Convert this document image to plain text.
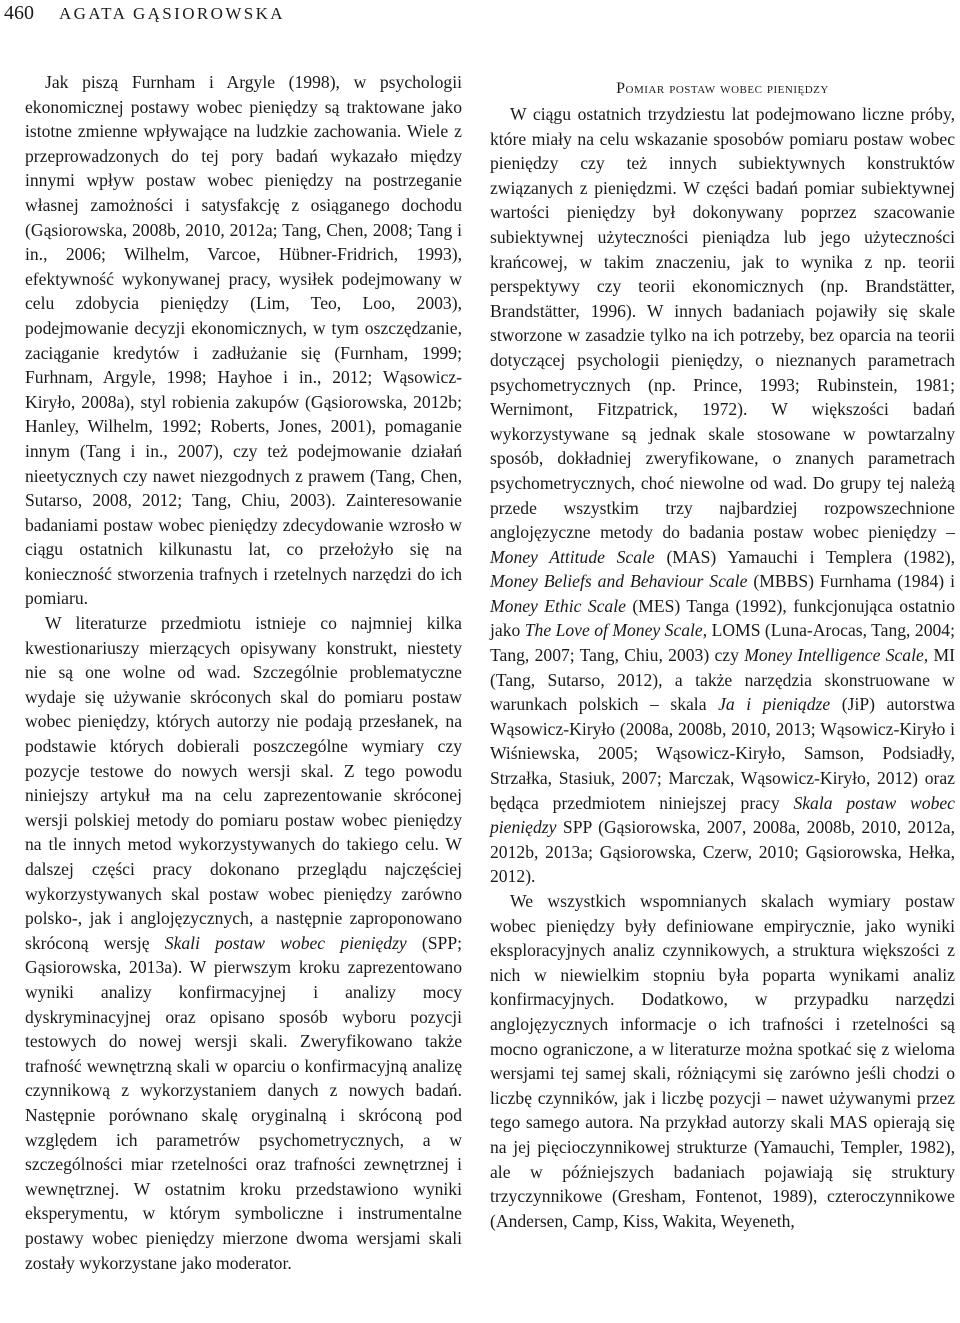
460 AGATA GĄSIOROWSKA

Jak piszą Furnham i Argyle (1998), w psychologii ekonomicznej postawy wobec pieniędzy są traktowane jako istotne zmienne wpływające na ludzkie zachowania. Wiele z przeprowadzonych do tej pory badań wykazało między innymi wpływ postaw wobec pieniędzy na postrzeganie własnej zamożności i satysfakcję z osiąganego dochodu (Gąsiorowska, 2008b, 2010, 2012a; Tang, Chen, 2008; Tang i in., 2006; Wilhelm, Varcoe, Hübner-Fridrich, 1993), efektywność wykonywanej pracy, wysiłek podejmowany w celu zdobycia pieniędzy (Lim, Teo, Loo, 2003), podejmowanie decyzji ekonomicznych, w tym oszczędzanie, zaciąganie kredytów i zadłużanie się (Furnham, 1999; Furhnam, Argyle, 1998; Hayhoe i in., 2012; Wąsowicz-Kiryło, 2008a), styl robienia zakupów (Gąsiorowska, 2012b; Hanley, Wilhelm, 1992; Roberts, Jones, 2001), pomaganie innym (Tang i in., 2007), czy też podejmowanie działań nieetycznych czy nawet niezgodnych z prawem (Tang, Chen, Sutarso, 2008, 2012; Tang, Chiu, 2003). Zainteresowanie badaniami postaw wobec pieniędzy zdecydowanie wzrosło w ciągu ostatnich kilkunastu lat, co przełożyło się na konieczność stworzenia trafnych i rzetelnych narzędzi do ich pomiaru.

W literaturze przedmiotu istnieje co najmniej kilka kwestionariuszy mierzących opisywany konstrukt, niestety nie są one wolne od wad. Szczególnie problematyczne wydaje się używanie skróconych skal do pomiaru postaw wobec pieniędzy, których autorzy nie podają przesłanek, na podstawie których dobierali poszczególne wymiary czy pozycje testowe do nowych wersji skal. Z tego powodu niniejszy artykuł ma na celu zaprezentowanie skróconej wersji polskiej metody do pomiaru postaw wobec pieniędzy na tle innych metod wykorzystywanych do takiego celu. W dalszej części pracy dokonano przeglądu najczęściej wykorzystywanych skal postaw wobec pieniędzy zarówno polsko-, jak i anglojęzycznych, a następnie zaproponowano skróconą wersję Skali postaw wobec pieniędzy (SPP; Gąsiorowska, 2013a). W pierwszym kroku zaprezentowano wyniki analizy konfirmacyjnej i analizy mocy dyskryminacyjnej oraz opisano sposób wyboru pozycji testowych do nowej wersji skali. Zweryfikowano także trafność wewnętrzną skali w oparciu o konfirmacyjną analizę czynnikową z wykorzystaniem danych z nowych badań. Następnie porównano skalę oryginalną i skróconą pod względem ich parametrów psychometrycznych, a w szczególności miar rzetelności oraz trafności zewnętrznej i wewnętrznej. W ostatnim kroku przedstawiono wyniki eksperymentu, w którym symboliczne i instrumentalne postawy wobec pieniędzy mierzone dwoma wersjami skali zostały wykorzystane jako moderator.

Pomiar postaw wobec pieniędzy

W ciągu ostatnich trzydziestu lat podejmowano liczne próby, które miały na celu wskazanie sposobów pomiaru postaw wobec pieniędzy czy też innych subiektywnych konstruktów związanych z pieniędzmi. W części badań pomiar subiektywnej wartości pieniędzy był dokonywany poprzez szacowanie subiektywnej użyteczności pieniądza lub jego użyteczności krańcowej, w takim znaczeniu, jak to wynika z np. teorii perspektywy czy teorii ekonomicznych (np. Brandstätter, Brandstätter, 1996). W innych badaniach pojawiły się skale stworzone w zasadzie tylko na ich potrzeby, bez oparcia na teorii dotyczącej psychologii pieniędzy, o nieznanych parametrach psychometrycznych (np. Prince, 1993; Rubinstein, 1981; Wernimont, Fitzpatrick, 1972). W większości badań wykorzystywane są jednak skale stosowane w powtarzalny sposób, dokładniej zweryfikowane, o znanych parametrach psychometrycznych, choć niewolne od wad. Do grupy tej należą przede wszystkim trzy najbardziej rozpowszechnione anglojęzyczne metody do badania postaw wobec pieniędzy – Money Attitude Scale (MAS) Yamauchi i Templera (1982), Money Beliefs and Behaviour Scale (MBBS) Furnhama (1984) i Money Ethic Scale (MES) Tanga (1992), funkcjonująca ostatnio jako The Love of Money Scale, LOMS (Luna-Arocas, Tang, 2004; Tang, 2007; Tang, Chiu, 2003) czy Money Intelligence Scale, MI (Tang, Sutarso, 2012), a także narzędzia skonstruowane w warunkach polskich – skala Ja i pieniądze (JiP) autorstwa Wąsowicz-Kiryło (2008a, 2008b, 2010, 2013; Wąsowicz-Kiryło i Wiśniewska, 2005; Wąsowicz-Kiryło, Samson, Podsiadły, Strzałka, Stasiuk, 2007; Marczak, Wąsowicz-Kiryło, 2012) oraz będąca przedmiotem niniejszej pracy Skala postaw wobec pieniędzy SPP (Gąsiorowska, 2007, 2008a, 2008b, 2010, 2012a, 2012b, 2013a; Gąsiorowska, Czerw, 2010; Gąsiorowska, Hełka, 2012).

We wszystkich wspomnianych skalach wymiary postaw wobec pieniędzy były definiowane empirycznie, jako wyniki eksploracyjnych analiz czynnikowych, a struktura większości z nich w niewielkim stopniu była poparta wynikami analiz konfirmacyjnych. Dodatkowo, w przypadku narzędzi anglojęzycznych informacje o ich trafności i rzetelności są mocno ograniczone, a w literaturze można spotkać się z wieloma wersjami tej samej skali, różniącymi się zarówno jeśli chodzi o liczbę czynników, jak i liczbę pozycji – nawet używanymi przez tego samego autora. Na przykład autorzy skali MAS opierają się na jej pięcioczynnikowej strukturze (Yamauchi, Templer, 1982), ale w późniejszych badaniach pojawiają się struktury trzyczynnikowe (Gresham, Fontenot, 1989), czteroczynnikowe (Andersen, Camp, Kiss, Wakita, Weyeneth,
